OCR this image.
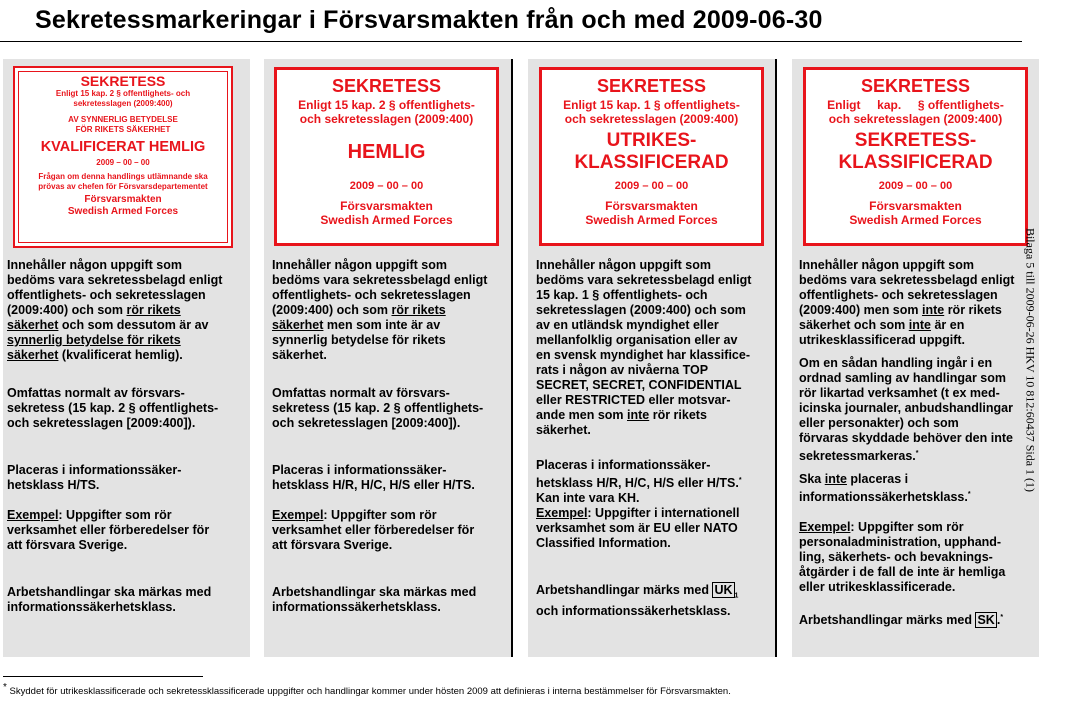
Sekretessmarkeringar i Försvarsmakten från och med 2009-06-30
SEKRETESS
Enligt 15 kap. 2 § offentlighets- och
sekretesslagen (2009:400)
AV SYNNERLIG BETYDELSE
FÖR RIKETS SÄKERHET
KVALIFICERAT HEMLIG
2009 – 00 – 00
Frågan om denna handlings utlämnande ska
prövas av chefen för Försvarsdepartementet
Försvarsmakten
Swedish Armed Forces
SEKRETESS
Enligt 15 kap. 2 § offentlighets-
och sekretesslagen (2009:400)
HEMLIG
2009 – 00 – 00
Försvarsmakten
Swedish Armed Forces
SEKRETESS
Enligt 15 kap. 1 § offentlighets-
och sekretesslagen (2009:400)
UTRIKES-
KLASSIFICERAD
2009 – 00 – 00
Försvarsmakten
Swedish Armed Forces
SEKRETESS
Enligt     kap.     § offentlighets-
och sekretesslagen (2009:400)
SEKRETESS-
KLASSIFICERAD
2009 – 00 – 00
Försvarsmakten
Swedish Armed Forces

Innehåller någon uppgift som
bedöms vara sekretessbelagd enligt
offentlighets- och sekretesslagen
(2009:400) och som rör rikets
säkerhet och som dessutom är av
synnerlig betydelse för rikets
säkerhet (kvalificerat hemlig).

Omfattas normalt av försvars-
sekretess (15 kap. 2 § offentlighets-
och sekretesslagen [2009:400]).

Placeras i informationssäker-
hetsklass H/TS.

Exempel: Uppgifter som rör
verksamhet eller förberedelser för
att försvara Sverige.

Arbetshandlingar ska märkas med
informationssäkerhetsklass.

Innehåller någon uppgift som
bedöms vara sekretessbelagd enligt
offentlighets- och sekretesslagen
(2009:400) och som rör rikets
säkerhet men som inte är av
synnerlig betydelse för rikets
säkerhet.

Omfattas normalt av försvars-
sekretess (15 kap. 2 § offentlighets-
och sekretesslagen [2009:400]).

Placeras i informationssäker-
hetsklass H/R, H/C, H/S eller H/TS.

Exempel: Uppgifter som rör
verksamhet eller förberedelser för
att försvara Sverige.

Arbetshandlingar ska märkas med
informationssäkerhetsklass.

Innehåller någon uppgift som
bedöms vara sekretessbelagd enligt
15 kap. 1 § offentlighets- och
sekretesslagen (2009:400) och som
av en utländsk myndighet eller
mellanfolklig organisation eller av
en svensk myndighet har klassifice-
rats i någon av nivåerna TOP
SECRET, SECRET, CONFIDENTIAL
eller RESTRICTED eller motsvar-
ande men som inte rör rikets
säkerhet.

Placeras i informationssäker-
hetsklass H/R, H/C, H/S eller H/TS.*
Kan inte vara KH.

Exempel: Uppgifter i internationell
verksamhet som är EU eller NATO
Classified Information.

Arbetshandlingar märks med UK $_1$
och informationssäkerhetsklass.

Innehåller någon uppgift som
bedöms vara sekretessbelagd enligt
offentlighets- och sekretesslagen
(2009:400) men som inte rör rikets
säkerhet och som inte är en
utrikesklassificerad uppgift.

Om en sådan handling ingår i en
ordnad samling av handlingar som
rör likartad verksamhet (t ex med-
icinska journaler, anbudshandlingar
eller personakter) och som
förvaras skyddade behöver den inte
sekretessmarkeras.*

Ska inte placeras i
informationssäkerhetsklass.*

Exempel: Uppgifter som rör
personaladministration, upphand-
ling, säkerhets- och bevaknings-
åtgärder i de fall de inte är hemliga
eller utrikesklassificerade.

Arbetshandlingar märks med SK .*

* Skyddet för utrikesklassificerade och sekretessklassificerade uppgifter och handlingar kommer under hösten 2009 att definieras i interna bestämmelser för Försvarsmakten.
Bilaga 5 till 2009-06-26 HKV 10 812:60437 Sida 1 (1)
